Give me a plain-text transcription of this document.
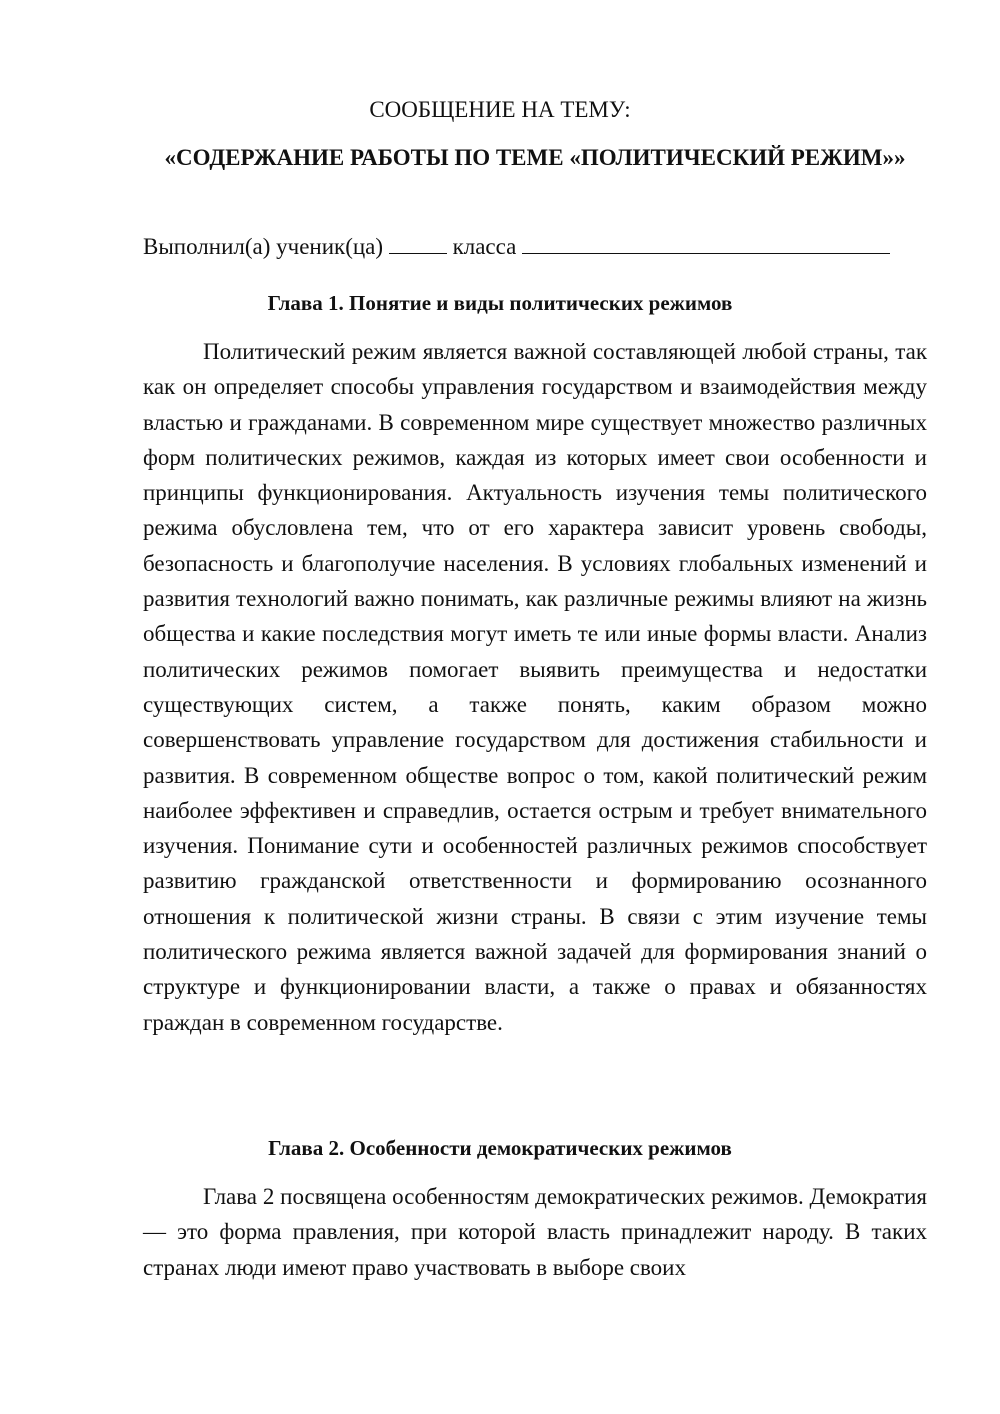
СООБЩЕНИЕ НА ТЕМУ:
«СОДЕРЖАНИЕ РАБОТЫ ПО ТЕМЕ «ПОЛИТИЧЕСКИЙ РЕЖИМ»»
Выполнил(а) ученик(ца)	класса
Глава 1. Понятие и виды политических режимов
Политический режим является важной составляющей любой страны, так как он определяет способы управления государством и взаимодействия между властью и гражданами. В современном мире существует множество различных форм политических режимов, каждая из которых имеет свои особенности и принципы функционирования. Актуальность изучения темы политического режима обусловлена тем, что от его характера зависит уровень свободы, безопасность и благополучие населения. В условиях глобальных изменений и развития технологий важно понимать, как различные режимы влияют на жизнь общества и какие последствия могут иметь те или иные формы власти. Анализ политических режимов помогает выявить преимущества и недостатки существующих систем, а также понять, каким образом можно совершенствовать управление государством для достижения стабильности и развития. В современном обществе вопрос о том, какой политический режим наиболее эффективен и справедлив, остается острым и требует внимательного изучения. Понимание сути и особенностей различных режимов способствует развитию гражданской ответственности и формированию осознанного отношения к политической жизни страны. В связи с этим изучение темы политического режима является важной задачей для формирования знаний о структуре и функционировании власти, а также о правах и обязанностях граждан в современном государстве.
Глава 2. Особенности демократических режимов
Глава 2 посвящена особенностям демократических режимов. Демократия — это форма правления, при которой власть принадлежит народу. В таких странах люди имеют право участвовать в выборе своих
